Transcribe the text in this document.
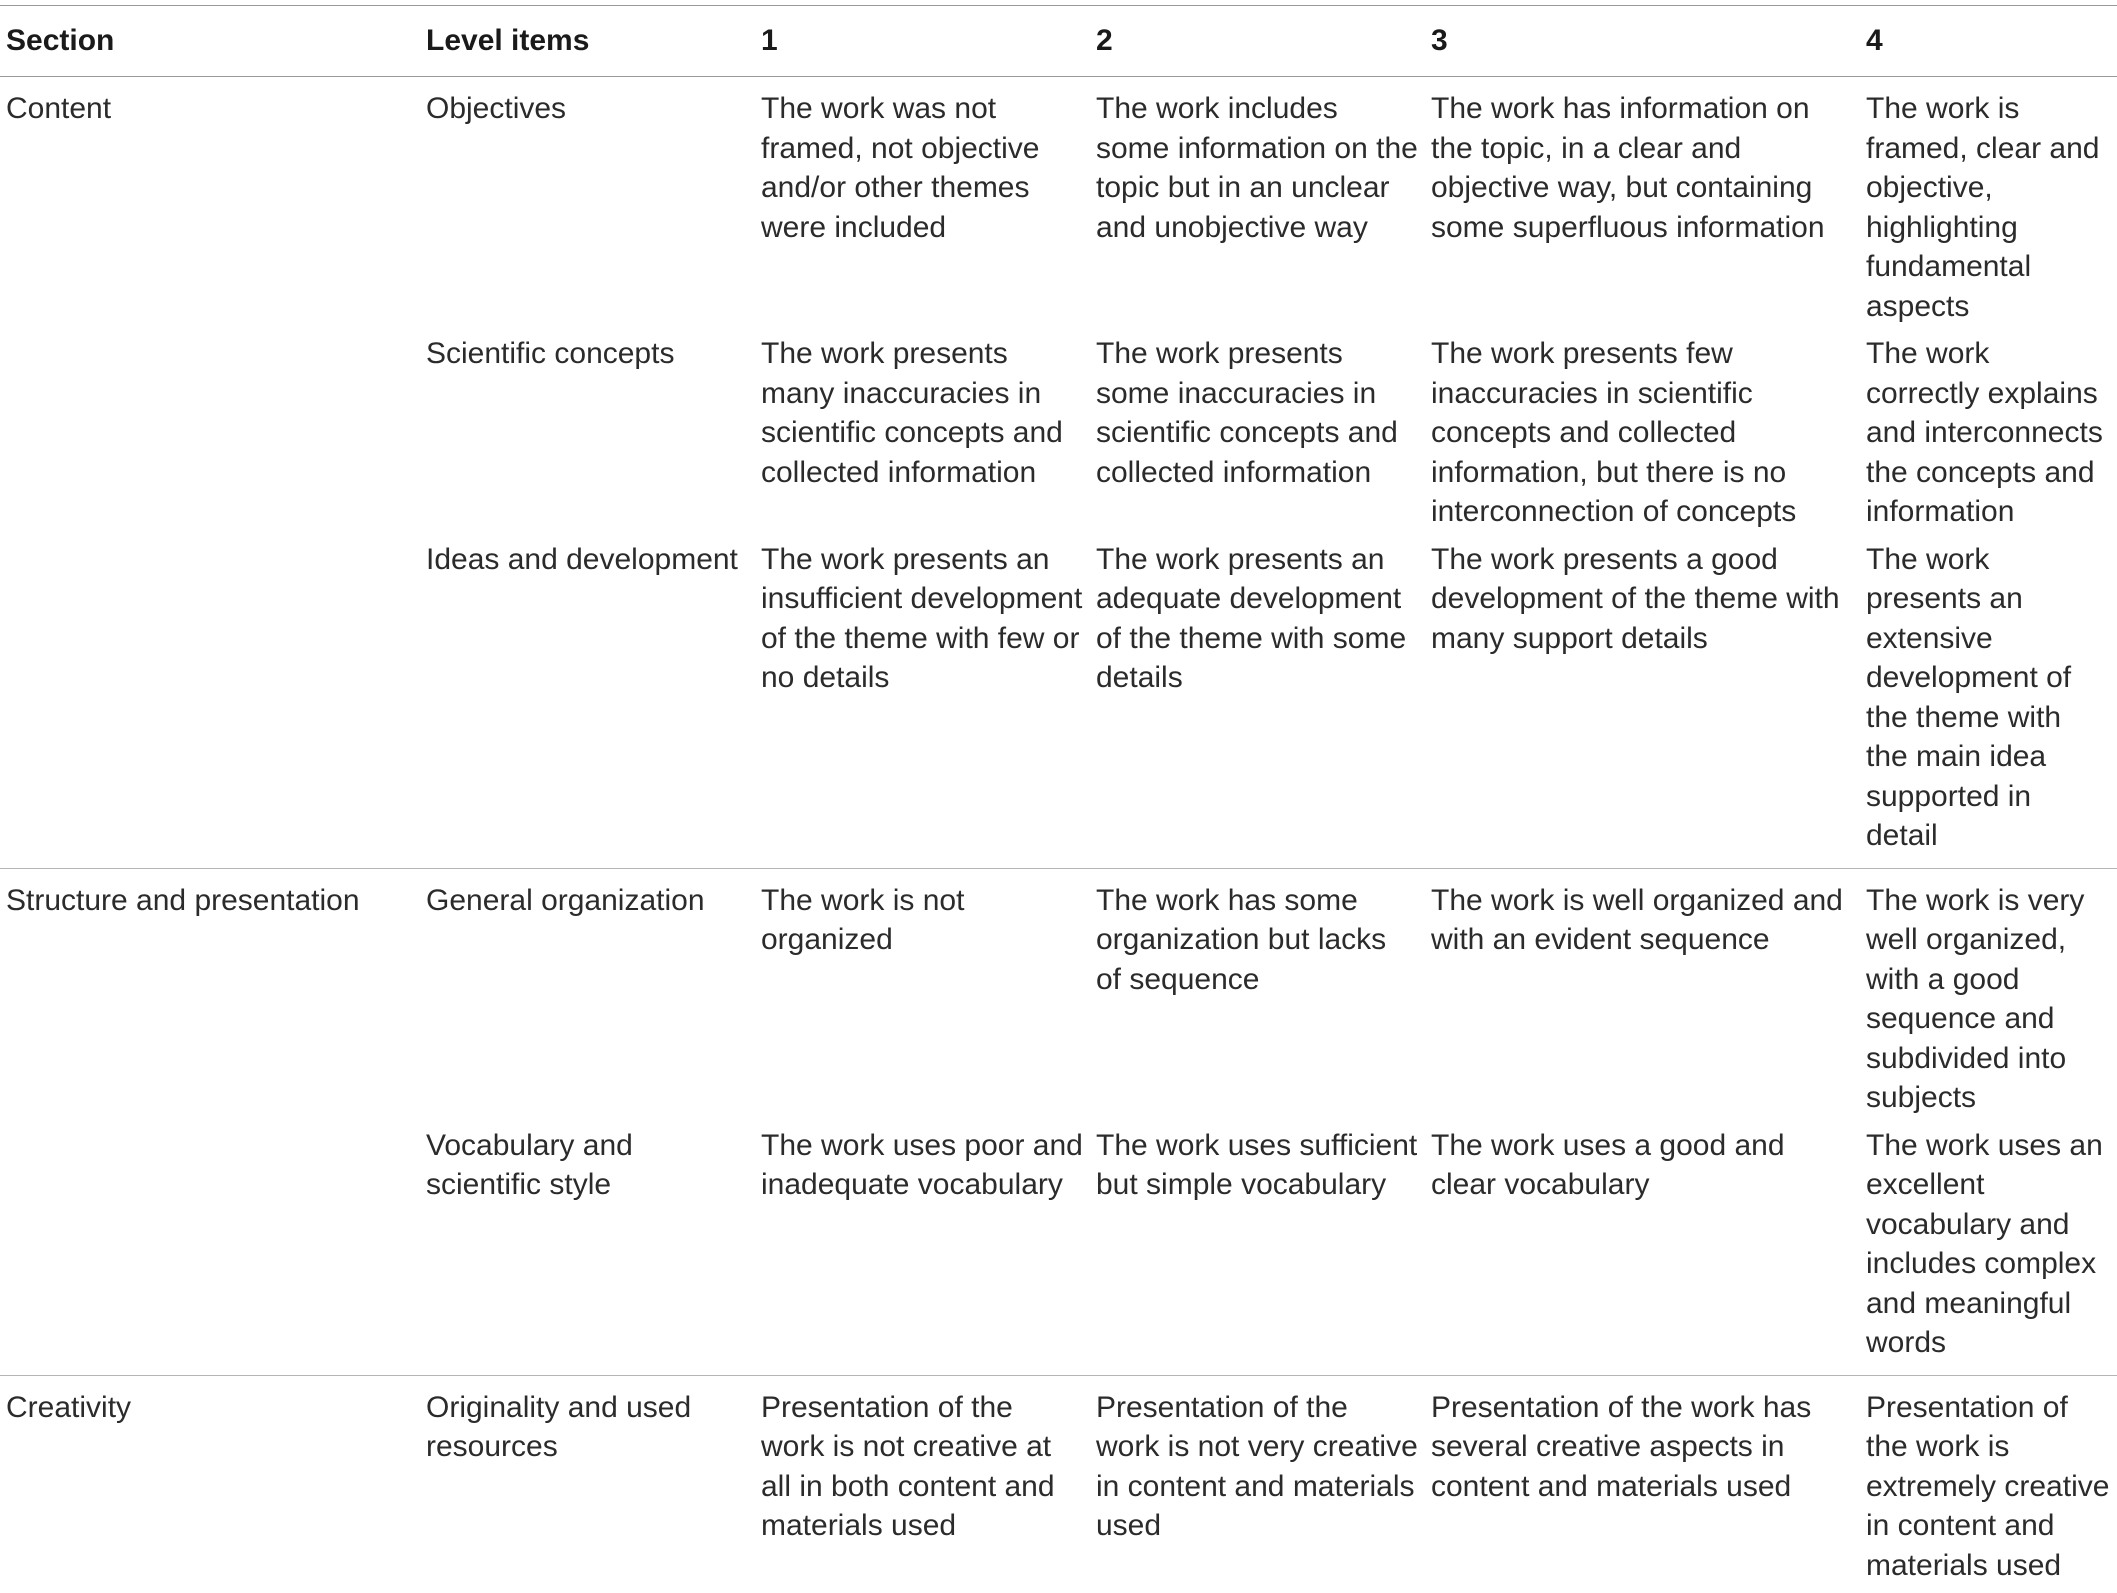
Section	Level items	1	2	3	4
Content	Objectives	The work was not framed, not objective and/or other themes were included	The work includes some information on the topic but in an unclear and unobjective way	The work has information on the topic, in a clear and objective way, but containing some superfluous information	The work is framed, clear and objective, highlighting fundamental aspects
	Scientific concepts	The work presents many inaccuracies in scientific concepts and collected information	The work presents some inaccuracies in scientific concepts and collected information	The work presents few inaccuracies in scientific concepts and collected information, but there is no interconnection of concepts	The work correctly explains and interconnects the concepts and information
	Ideas and development	The work presents an insufficient development of the theme with few or no details	The work presents an adequate development of the theme with some details	The work presents a good development of the theme with many support details	The work presents an extensive development of the theme with the main idea supported in detail
Structure and presentation	General organization	The work is not organized	The work has some organization but lacks of sequence	The work is well organized and with an evident sequence	The work is very well organized, with a good sequence and subdivided into subjects
	Vocabulary and scientific style	The work uses poor and inadequate vocabulary	The work uses sufficient but simple vocabulary	The work uses a good and clear vocabulary	The work uses an excellent vocabulary and includes complex and meaningful words
Creativity	Originality and used resources	Presentation of the work is not creative at all in both content and materials used	Presentation of the work is not very creative in content and materials used	Presentation of the work has several creative aspects in content and materials used	Presentation of the work is extremely creative in content and materials used
